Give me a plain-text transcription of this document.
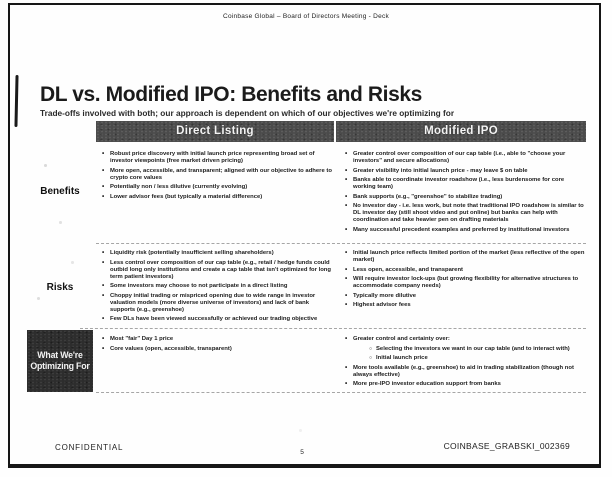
Coinbase Global – Board of Directors Meeting - Deck
DL vs. Modified IPO: Benefits and Risks
Trade-offs involved with both; our approach is dependent on which of our objectives we're optimizing for
Direct Listing	Modified IPO
Benefits
Risks
What We're Optimizing For
• Robust price discovery with initial launch price representing broad set of investor viewpoints (free market driven pricing)
• More open, accessible, and transparent; aligned with our objective to adhere to crypto core values
• Potentially non / less dilutive (currently evolving)
• Lower advisor fees (but typically a material difference)
• Greater control over composition of our cap table (i.e., able to "choose your investors" and secure allocations)
• Greater visibility into initial launch price - may leave $ on table
• Banks able to coordinate investor roadshow (i.e., less burdensome for core working team)
• Bank supports (e.g., "greenshoe" to stabilize trading)
• No investor day - i.e. less work, but note that traditional IPO roadshow is similar to DL investor day (still shoot video and put online) but banks can help with coordination and take heavier pen on drafting materials
• Many successful precedent examples and preferred by institutional investors
• Liquidity risk (potentially insufficient selling shareholders)
• Less control over composition of our cap table (e.g., retail / hedge funds could outbid long only institutions and create a cap table that isn't optimized for long term patient investors)
• Some investors may choose to not participate in a direct listing
• Choppy initial trading or mispriced opening due to wide range in investor valuation models (more diverse universe of investors) and lack of bank supports (e.g., greenshoe)
• Few DLs have been viewed successfully or achieved our trading objective
• Initial launch price reflects limited portion of the market (less reflective of the open market)
• Less open, accessible, and transparent
• Will require investor lock-ups (but growing flexibility for alternative structures to accommodate company needs)
• Typically more dilutive
• Highest advisor fees
• Most "fair" Day 1 price
• Core values (open, accessible, transparent)
• Greater control and certainty over:
○ Selecting the investors we want in our cap table (and to interact with)
○ Initial launch price
• More tools available (e.g., greenshoe) to aid in trading stabilization (though not always effective)
• More pre-IPO investor education support from banks
CONFIDENTIAL
5
COINBASE_GRABSKI_002369
